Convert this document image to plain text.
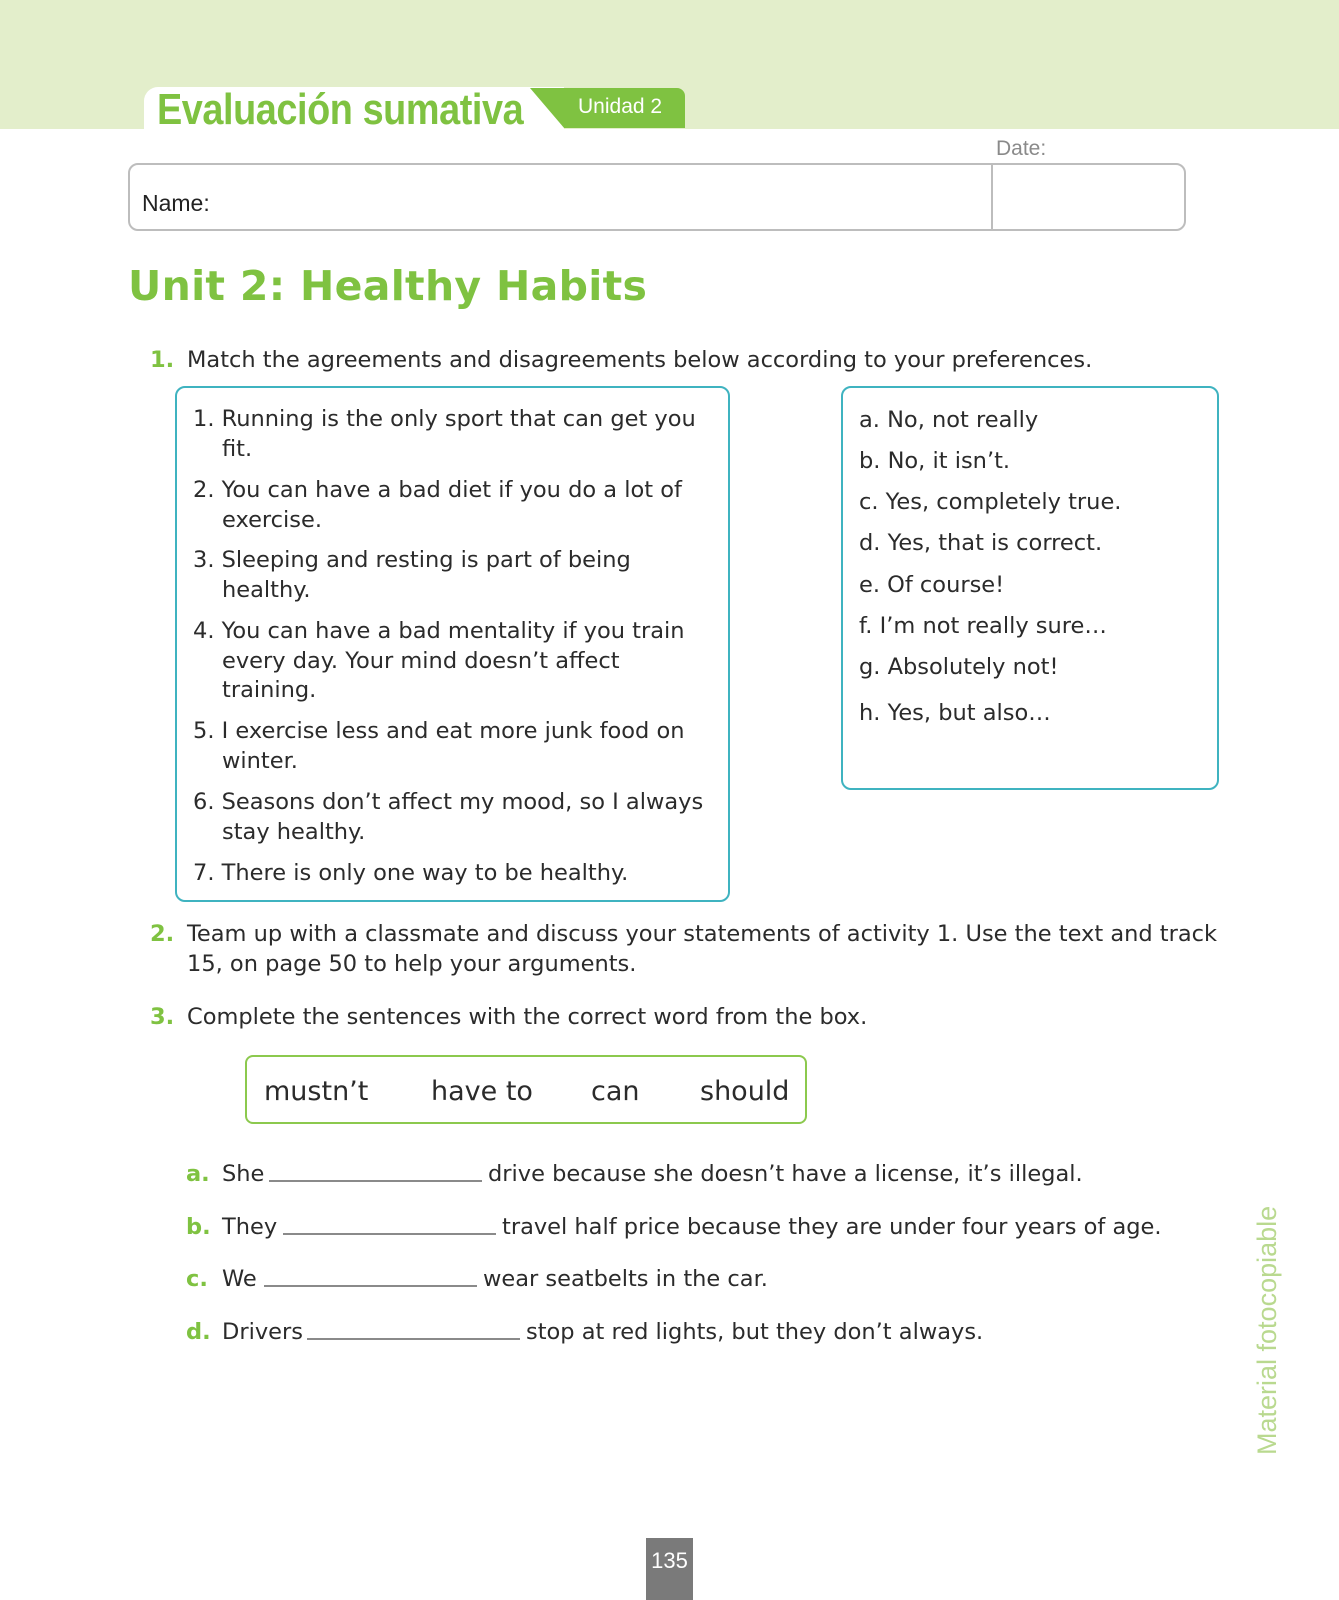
Evaluación sumativa	Unidad 2
Date:
Name:
Unit 2: Healthy Habits
1. Match the agreements and disagreements below according to your preferences.
1. Running is the only sport that can get you fit.
2. You can have a bad diet if you do a lot of exercise.
3. Sleeping and resting is part of being healthy.
4. You can have a bad mentality if you train every day. Your mind doesn’t affect training.
5. I exercise less and eat more junk food on winter.
6. Seasons don’t affect my mood, so I always stay healthy.
7. There is only one way to be healthy.
a. No, not really
b. No, it isn’t.
c. Yes, completely true.
d. Yes, that is correct.
e. Of course!
f. I’m not really sure…
g. Absolutely not!
h. Yes, but also…
2. Team up with a classmate and discuss your statements of activity 1. Use the text and track
15, on page 50 to help your arguments.
3. Complete the sentences with the correct word from the box.
mustn’t have to can should
a. She	drive because she doesn’t have a license, it’s illegal.
b. They	travel half price because they are under four years of age.
c. We	wear seatbelts in the car.
d. Drivers	stop at red lights, but they don’t always.	Material fotocopiable
135
